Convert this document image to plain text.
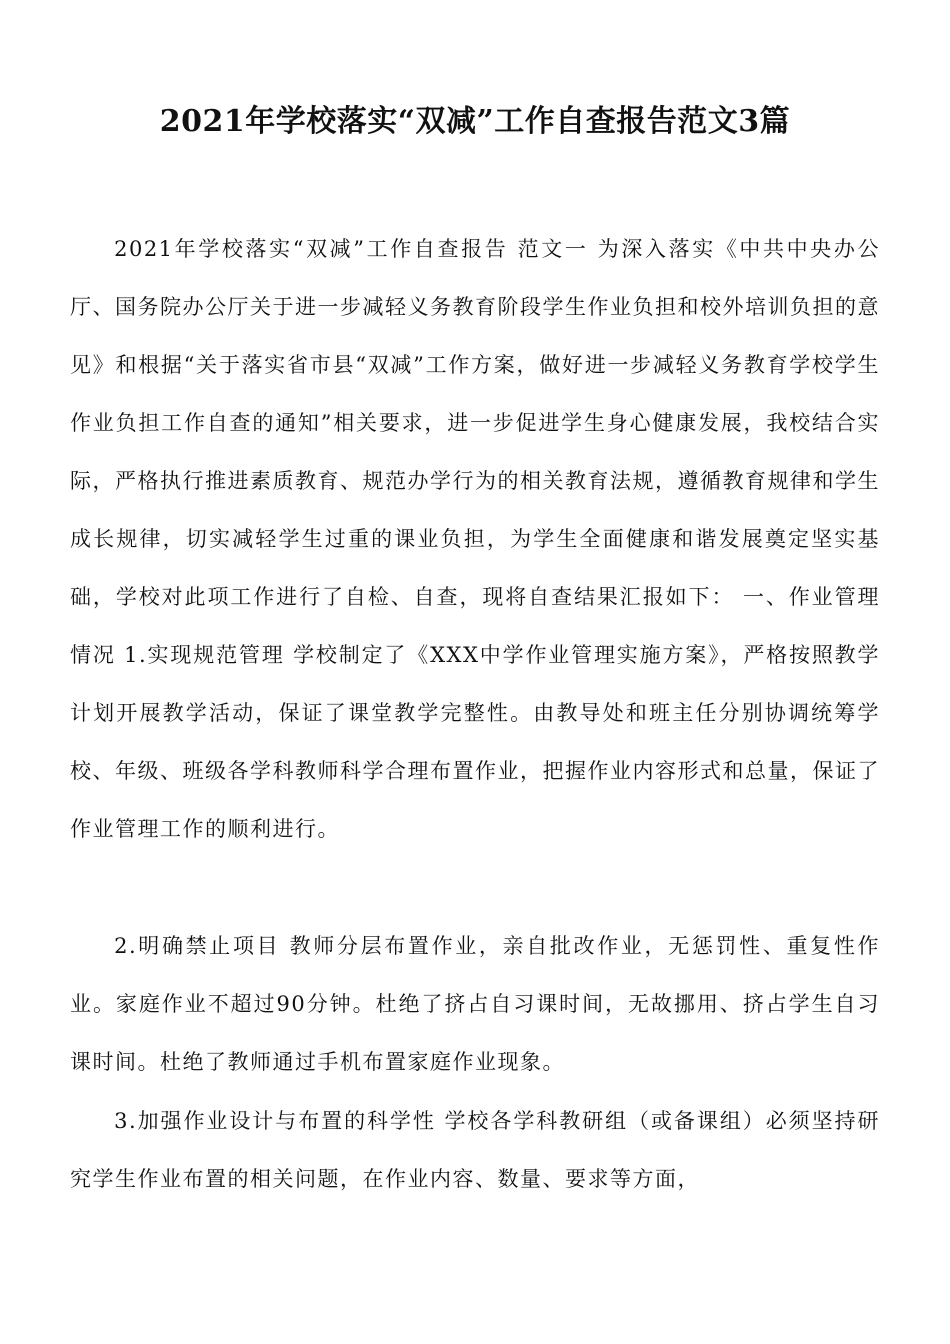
2021年学校落实“双减”工作自查报告范文3篇

2021年学校落实“双减”工作自查报告 范文一 为深入落实《中共中央办公厅、国务院办公厅关于进一步减轻义务教育阶段学生作业负担和校外培训负担的意见》和根据“关于落实省市县“双减”工作方案，做好进一步减轻义务教育学校学生作业负担工作自查的通知”相关要求，进一步促进学生身心健康发展，我校结合实际，严格执行推进素质教育、规范办学行为的相关教育法规，遵循教育规律和学生成长规律，切实减轻学生过重的课业负担，为学生全面健康和谐发展奠定坚实基础，学校对此项工作进行了自检、自查，现将自查结果汇报如下： 一、作业管理情况 1.实现规范管理 学校制定了《XXX中学作业管理实施方案》，严格按照教学计划开展教学活动，保证了课堂教学完整性。由教导处和班主任分别协调统筹学校、年级、班级各学科教师科学合理布置作业，把握作业内容形式和总量，保证了作业管理工作的顺利进行。

2.明确禁止项目 教师分层布置作业，亲自批改作业，无惩罚性、重复性作业。家庭作业不超过90分钟。杜绝了挤占自习课时间，无故挪用、挤占学生自习课时间。杜绝了教师通过手机布置家庭作业现象。

3.加强作业设计与布置的科学性 学校各学科教研组（或备课组）必须坚持研究学生作业布置的相关问题，在作业内容、数量、要求等方面，
